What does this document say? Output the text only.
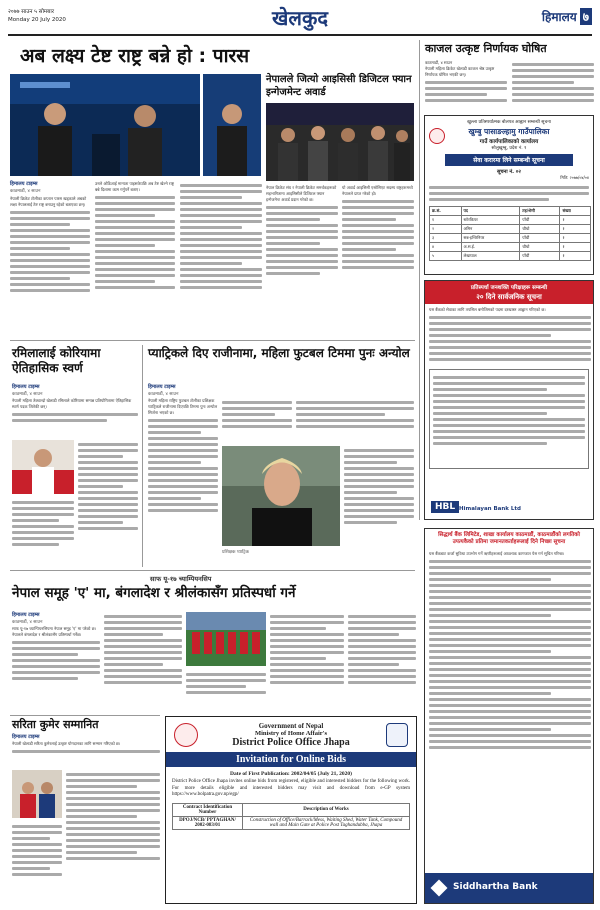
२०७७ साउन ५ सोमबार
Monday 20 July 2020	खेलकुद	हिमालय ७
अब लक्ष्य टेष्ट राष्ट्र बन्ने हो : पारस
हिमालय टाइम्स
काठमाडौं, ४ साउन
नेपाली क्रिकेट टोलीका कप्तान पारस खड्काले अबको लक्ष्य नेपाललाई टेष्ट राष्ट्र बनाउनु रहेको बताएका छन्।
उनले ओडिआई मान्यता पाइसकेपछि अब टेष्ट खेल्ने राष्ट्र बन्ने दिशामा काम गर्नुपर्ने बताए।
नेपालले जित्यो आइसिसी डिजिटल फ्यान इन्गेजमेन्ट अवार्ड
नेपाल क्रिकेट संघ र नेपाली क्रिकेट समर्थकहरूको सहभागितामा आइसिसीले डिजिटल फ्यान इन्गेजमेन्ट अवार्ड प्रदान गरेको छ।
यो अवार्ड आइसिसी एसोसिएट सदस्य राष्ट्रहरूमध्ये नेपालले प्राप्त गरेको हो।
काजल उत्कृष्ट निर्णायक घोषित
काठमाडौं, ४ साउन
नेपाली महिला क्रिकेट खेलाडी काजल श्रेष्ठ उत्कृष्ट निर्णायक घोषित भएकी छन्।
खुल्ला प्रतिस्पर्धात्मक बोलपत्र आह्वान सम्बन्धी सूचना
खुम्बु पासाङल्हामु गाउँपालिका
गाउँ कार्यपालिकाको कार्यालय
सोलुखुम्बु, प्रदेश नं. १
सेवा करारमा लिने सम्बन्धी सूचना
सूचना नं. ०२
मिति: २०७७/०४/०४
क्र.सं.	पद	तह/श्रेणी	संख्या
१	स्टोरकिपर	पाँचौं	१
२	अमिन	चौथो	१
३	सब-इन्जिनियर	पाँचौं	१
४	अ.स.ई.	चौथो	१
५	लेखापाल	पाँचौं	१
प्रतिस्पर्धा जनशक्ति परिक्षाहरू सम्बन्धी
२० दिने सार्वजनिक सूचना
यस बैंकको सेवाका लागि तपसिल बमोजिमको पदमा दरखास्त आह्वान गरिएको छ।
HBL Himalayan Bank Ltd
रमिलालाई कोरियामा ऐतिहासिक स्वर्ण
हिमालय टाइम्स
काठमाडौं, ४ साउन
नेपाली महिला तेक्वान्दो खेलाडी रमिलाले कोरियामा सम्पन्न प्रतियोगितामा ऐतिहासिक स्वर्ण पदक जितेकी छन्।
प्याट्रिकले दिए राजीनामा, महिला फुटबल टिममा पुनः अन्योल
हिमालय टाइम्स
काठमाडौं, ४ साउन
नेपाली महिला राष्ट्रिय फुटबल टोलीका प्रशिक्षक प्याट्रिकले राजीनामा दिएपछि टिममा पुनः अन्योल सिर्जना भएको छ।
प्रशिक्षक प्याट्रिक
साफ यू-१७ च्याम्पियनसिप
नेपाल समूह 'ए' मा, बंगलादेश र श्रीलंकासँग प्रतिस्पर्धा गर्ने
हिमालय टाइम्स
काठमाडौं, ४ साउन
साफ यू-१७ च्याम्पियनसिपमा नेपाल समूह 'ए' मा परेको छ। नेपालले बंगलादेश र श्रीलंकासँग प्रतिस्पर्धा गर्नेछ।
सरिता कुमेर सम्मानित
हिमालय टाइम्स
नेपाली खेलाडी सरिता कुमेरलाई उत्कृष्ट योगदानका लागि सम्मान गरिएको छ।
Government of Nepal
Ministry of Home Affair's
District Police Office Jhapa
Invitation for Online Bids
Date of First Publication: 2002/04/05 (July 21, 2020)
District Police Office Jhapa invites online bids from registered, eligible and interested bidders for the following work. For more details eligible and interested bidders may visit and download from e-GP system https://www.bolpatra.gov.np/egp/
Contract Identification Number	Description of Works
DPOJ/NCB/ PPTAGHAN/ 2002-083/01	Construction of Office/Barrack/Mess, Waiting Shed, Water Tank, Compound wall and Main Gate at Police Post Taghandubba, Jhapa
सिद्धार्थ बैंक लिमिटेड, शाखा कार्यालय काठमाडौं, काठमाडौंको लगतिको उपत्यकैको प्रतिमा जमानतकर्ताहरूलाई दिने निच्छा सूचना
यस बैंकबाट कर्जा सुविधा उपभोग गर्ने ऋणीहरूलाई आवश्यक कागजात पेस गर्न सूचित गरिन्छ।
Siddhartha Bank
